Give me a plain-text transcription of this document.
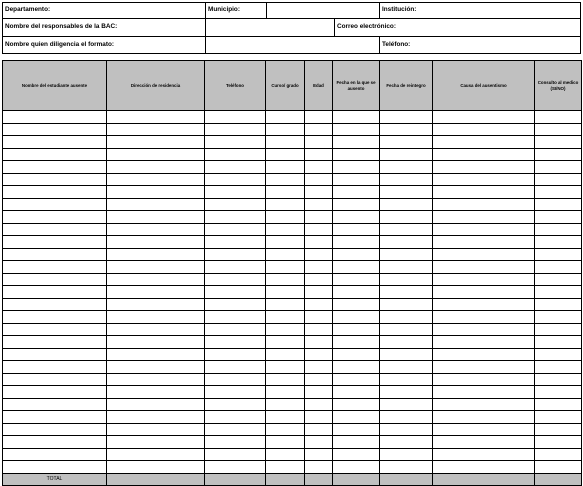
Departamento:	Municipio:	Institución:
Nombre del responsables de la BAC:	Correo electrónico:
Nombre quien diligencia el formato:	Teléfono:
Nombre del estudiante ausente	Dirección de residencia	Teléfono	Curso/ grado	Edad	Fecha en la que se ausento	Fecha de reintegro	Causa del ausentismo	Consulto al medico (SI/NO)

TOTAL								
